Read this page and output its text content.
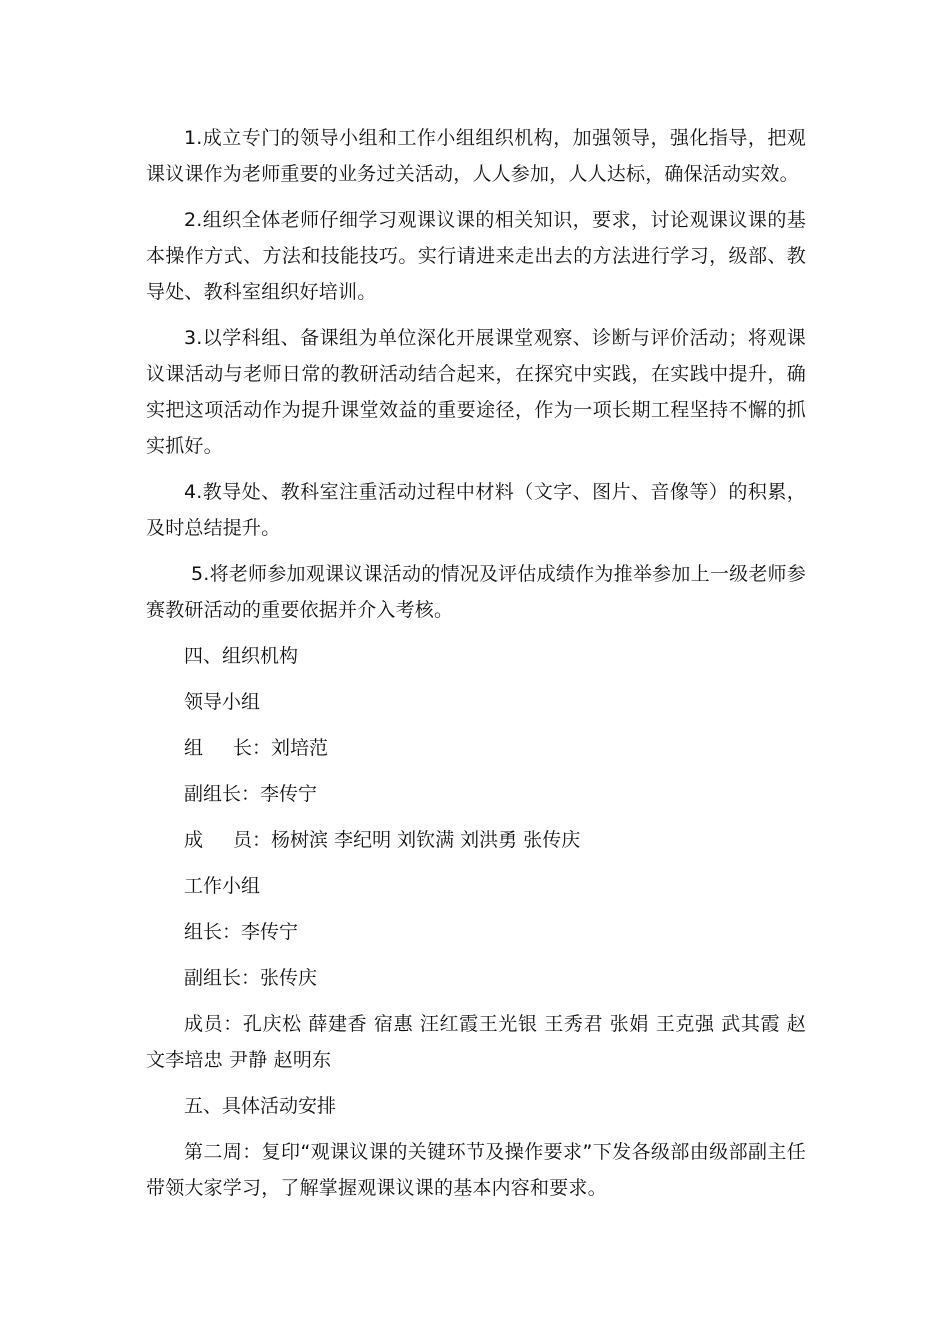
1.成立专门的领导小组和工作小组组织机构，加强领导，强化指导，把观课议课作为老师重要的业务过关活动，人人参加，人人达标，确保活动实效。

2.组织全体老师仔细学习观课议课的相关知识，要求，讨论观课议课的基本操作方式、方法和技能技巧。实行请进来走出去的方法进行学习，级部、教导处、教科室组织好培训。

3.以学科组、备课组为单位深化开展课堂观察、诊断与评价活动；将观课议课活动与老师日常的教研活动结合起来，在探究中实践，在实践中提升，确实把这项活动作为提升课堂效益的重要途径，作为一项长期工程坚持不懈的抓实抓好。

4.教导处、教科室注重活动过程中材料（文字、图片、音像等）的积累，及时总结提升。

5.将老师参加观课议课活动的情况及评估成绩作为推举参加上一级老师参赛教研活动的重要依据并介入考核。

四、组织机构

领导小组

组 长：刘培范

副组长：李传宁

成 员：杨树滨 李纪明 刘钦满 刘洪勇 张传庆

工作小组

组长：李传宁

副组长：张传庆

成员：孔庆松 薛建香 宿惠 汪红霞王光银 王秀君 张娟 王克强 武其霞 赵文李培忠 尹静 赵明东

五、具体活动安排

第二周：复印“观课议课的关键环节及操作要求”下发各级部由级部副主任带领大家学习，了解掌握观课议课的基本内容和要求。
